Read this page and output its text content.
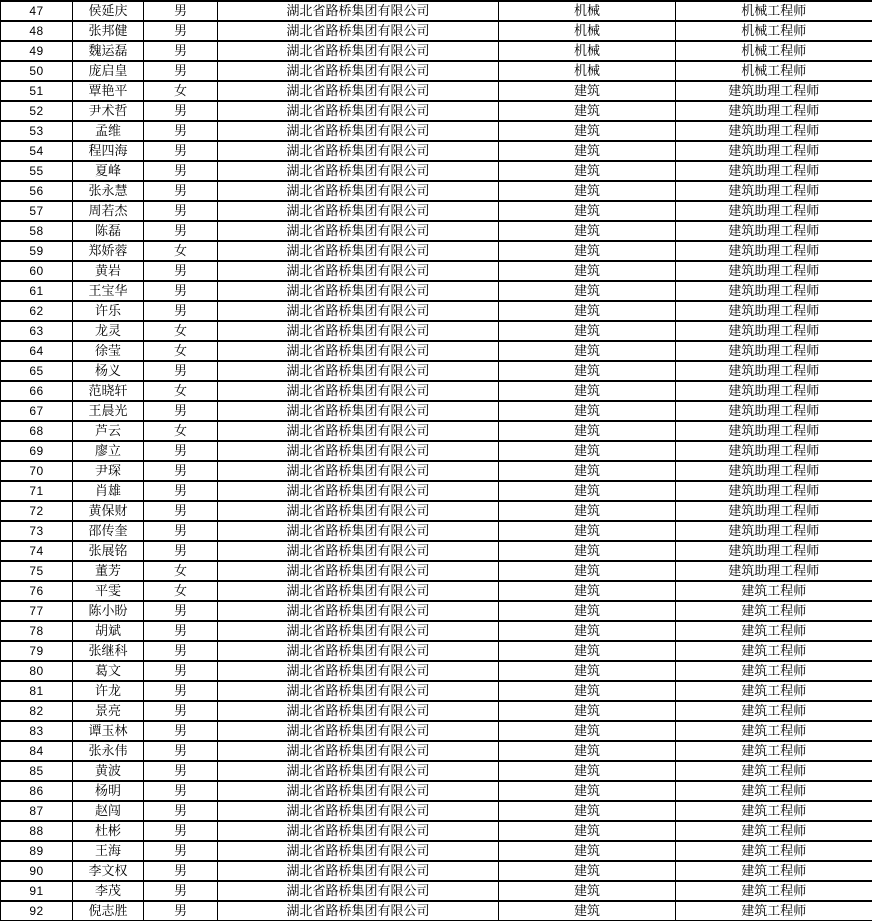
47	侯延庆	男	湖北省路桥集团有限公司	机械	机械工程师
48	张邦健	男	湖北省路桥集团有限公司	机械	机械工程师
49	魏运磊	男	湖北省路桥集团有限公司	机械	机械工程师
50	庞启皇	男	湖北省路桥集团有限公司	机械	机械工程师
51	覃艳平	女	湖北省路桥集团有限公司	建筑	建筑助理工程师
52	尹术哲	男	湖北省路桥集团有限公司	建筑	建筑助理工程师
53	孟维	男	湖北省路桥集团有限公司	建筑	建筑助理工程师
54	程四海	男	湖北省路桥集团有限公司	建筑	建筑助理工程师
55	夏峰	男	湖北省路桥集团有限公司	建筑	建筑助理工程师
56	张永慧	男	湖北省路桥集团有限公司	建筑	建筑助理工程师
57	周若杰	男	湖北省路桥集团有限公司	建筑	建筑助理工程师
58	陈磊	男	湖北省路桥集团有限公司	建筑	建筑助理工程师
59	郑娇蓉	女	湖北省路桥集团有限公司	建筑	建筑助理工程师
60	黄岩	男	湖北省路桥集团有限公司	建筑	建筑助理工程师
61	王宝华	男	湖北省路桥集团有限公司	建筑	建筑助理工程师
62	许乐	男	湖北省路桥集团有限公司	建筑	建筑助理工程师
63	龙灵	女	湖北省路桥集团有限公司	建筑	建筑助理工程师
64	徐莹	女	湖北省路桥集团有限公司	建筑	建筑助理工程师
65	杨义	男	湖北省路桥集团有限公司	建筑	建筑助理工程师
66	范晓轩	女	湖北省路桥集团有限公司	建筑	建筑助理工程师
67	王晨光	男	湖北省路桥集团有限公司	建筑	建筑助理工程师
68	芦云	女	湖北省路桥集团有限公司	建筑	建筑助理工程师
69	廖立	男	湖北省路桥集团有限公司	建筑	建筑助理工程师
70	尹琛	男	湖北省路桥集团有限公司	建筑	建筑助理工程师
71	肖雄	男	湖北省路桥集团有限公司	建筑	建筑助理工程师
72	黄保财	男	湖北省路桥集团有限公司	建筑	建筑助理工程师
73	邵传奎	男	湖北省路桥集团有限公司	建筑	建筑助理工程师
74	张展铭	男	湖北省路桥集团有限公司	建筑	建筑助理工程师
75	董芳	女	湖北省路桥集团有限公司	建筑	建筑助理工程师
76	平雯	女	湖北省路桥集团有限公司	建筑	建筑工程师
77	陈小盼	男	湖北省路桥集团有限公司	建筑	建筑工程师
78	胡斌	男	湖北省路桥集团有限公司	建筑	建筑工程师
79	张继科	男	湖北省路桥集团有限公司	建筑	建筑工程师
80	葛文	男	湖北省路桥集团有限公司	建筑	建筑工程师
81	许龙	男	湖北省路桥集团有限公司	建筑	建筑工程师
82	景亮	男	湖北省路桥集团有限公司	建筑	建筑工程师
83	谭玉林	男	湖北省路桥集团有限公司	建筑	建筑工程师
84	张永伟	男	湖北省路桥集团有限公司	建筑	建筑工程师
85	黄波	男	湖北省路桥集团有限公司	建筑	建筑工程师
86	杨明	男	湖北省路桥集团有限公司	建筑	建筑工程师
87	赵闯	男	湖北省路桥集团有限公司	建筑	建筑工程师
88	杜彬	男	湖北省路桥集团有限公司	建筑	建筑工程师
89	王海	男	湖北省路桥集团有限公司	建筑	建筑工程师
90	李文权	男	湖北省路桥集团有限公司	建筑	建筑工程师
91	李茂	男	湖北省路桥集团有限公司	建筑	建筑工程师
92	倪志胜	男	湖北省路桥集团有限公司	建筑	建筑工程师
